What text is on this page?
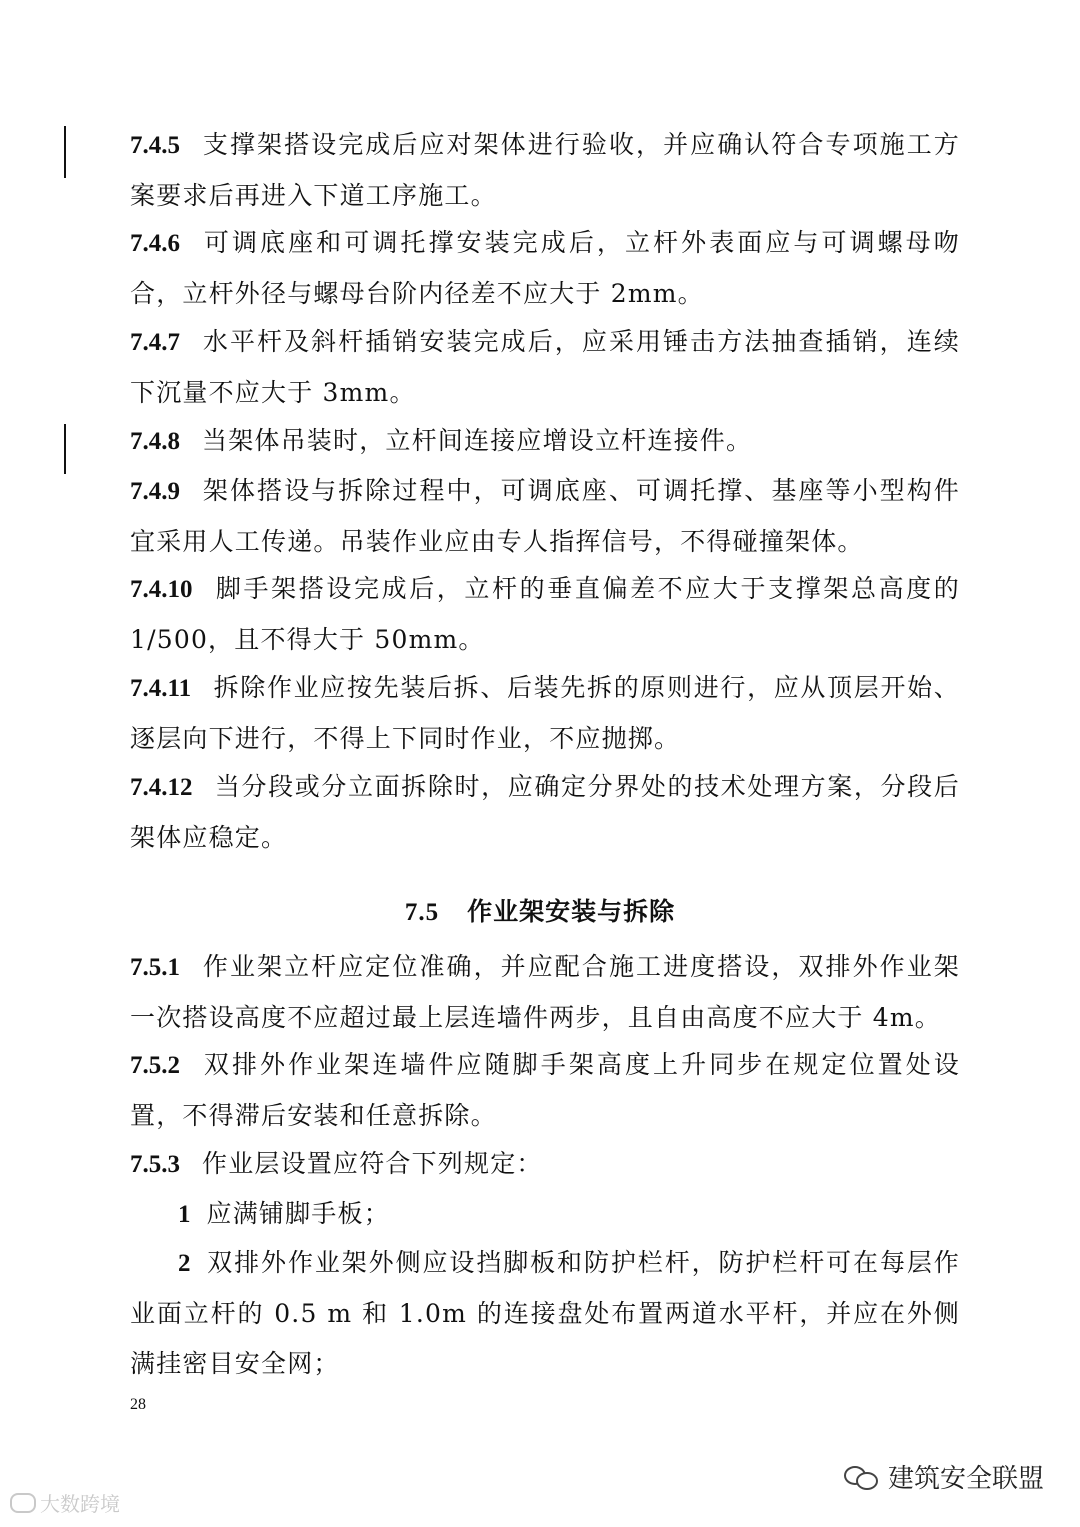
7.4.5 支撑架搭设完成后应对架体进行验收，并应确认符合专项施工方案要求后再进入下道工序施工。
7.4.6 可调底座和可调托撑安装完成后，立杆外表面应与可调螺母吻合，立杆外径与螺母台阶内径差不应大于 2mm。
7.4.7 水平杆及斜杆插销安装完成后，应采用锤击方法抽查插销，连续下沉量不应大于 3mm。
7.4.8 当架体吊装时，立杆间连接应增设立杆连接件。
7.4.9 架体搭设与拆除过程中，可调底座、可调托撑、基座等小型构件宜采用人工传递。吊装作业应由专人指挥信号，不得碰撞架体。
7.4.10 脚手架搭设完成后，立杆的垂直偏差不应大于支撑架总高度的 1/500，且不得大于 50mm。
7.4.11 拆除作业应按先装后拆、后装先拆的原则进行，应从顶层开始、逐层向下进行，不得上下同时作业，不应抛掷。
7.4.12 当分段或分立面拆除时，应确定分界处的技术处理方案，分段后架体应稳定。
7.5 作业架安装与拆除
7.5.1 作业架立杆应定位准确，并应配合施工进度搭设，双排外作业架一次搭设高度不应超过最上层连墙件两步，且自由高度不应大于 4m。
7.5.2 双排外作业架连墙件应随脚手架高度上升同步在规定位置处设置，不得滞后安装和任意拆除。
7.5.3 作业层设置应符合下列规定：
1 应满铺脚手板；
2 双排外作业架外侧应设挡脚板和防护栏杆，防护栏杆可在每层作业面立杆的 0.5 m 和 1.0m 的连接盘处布置两道水平杆，并应在外侧满挂密目安全网；
28
大数跨境
建筑安全联盟
